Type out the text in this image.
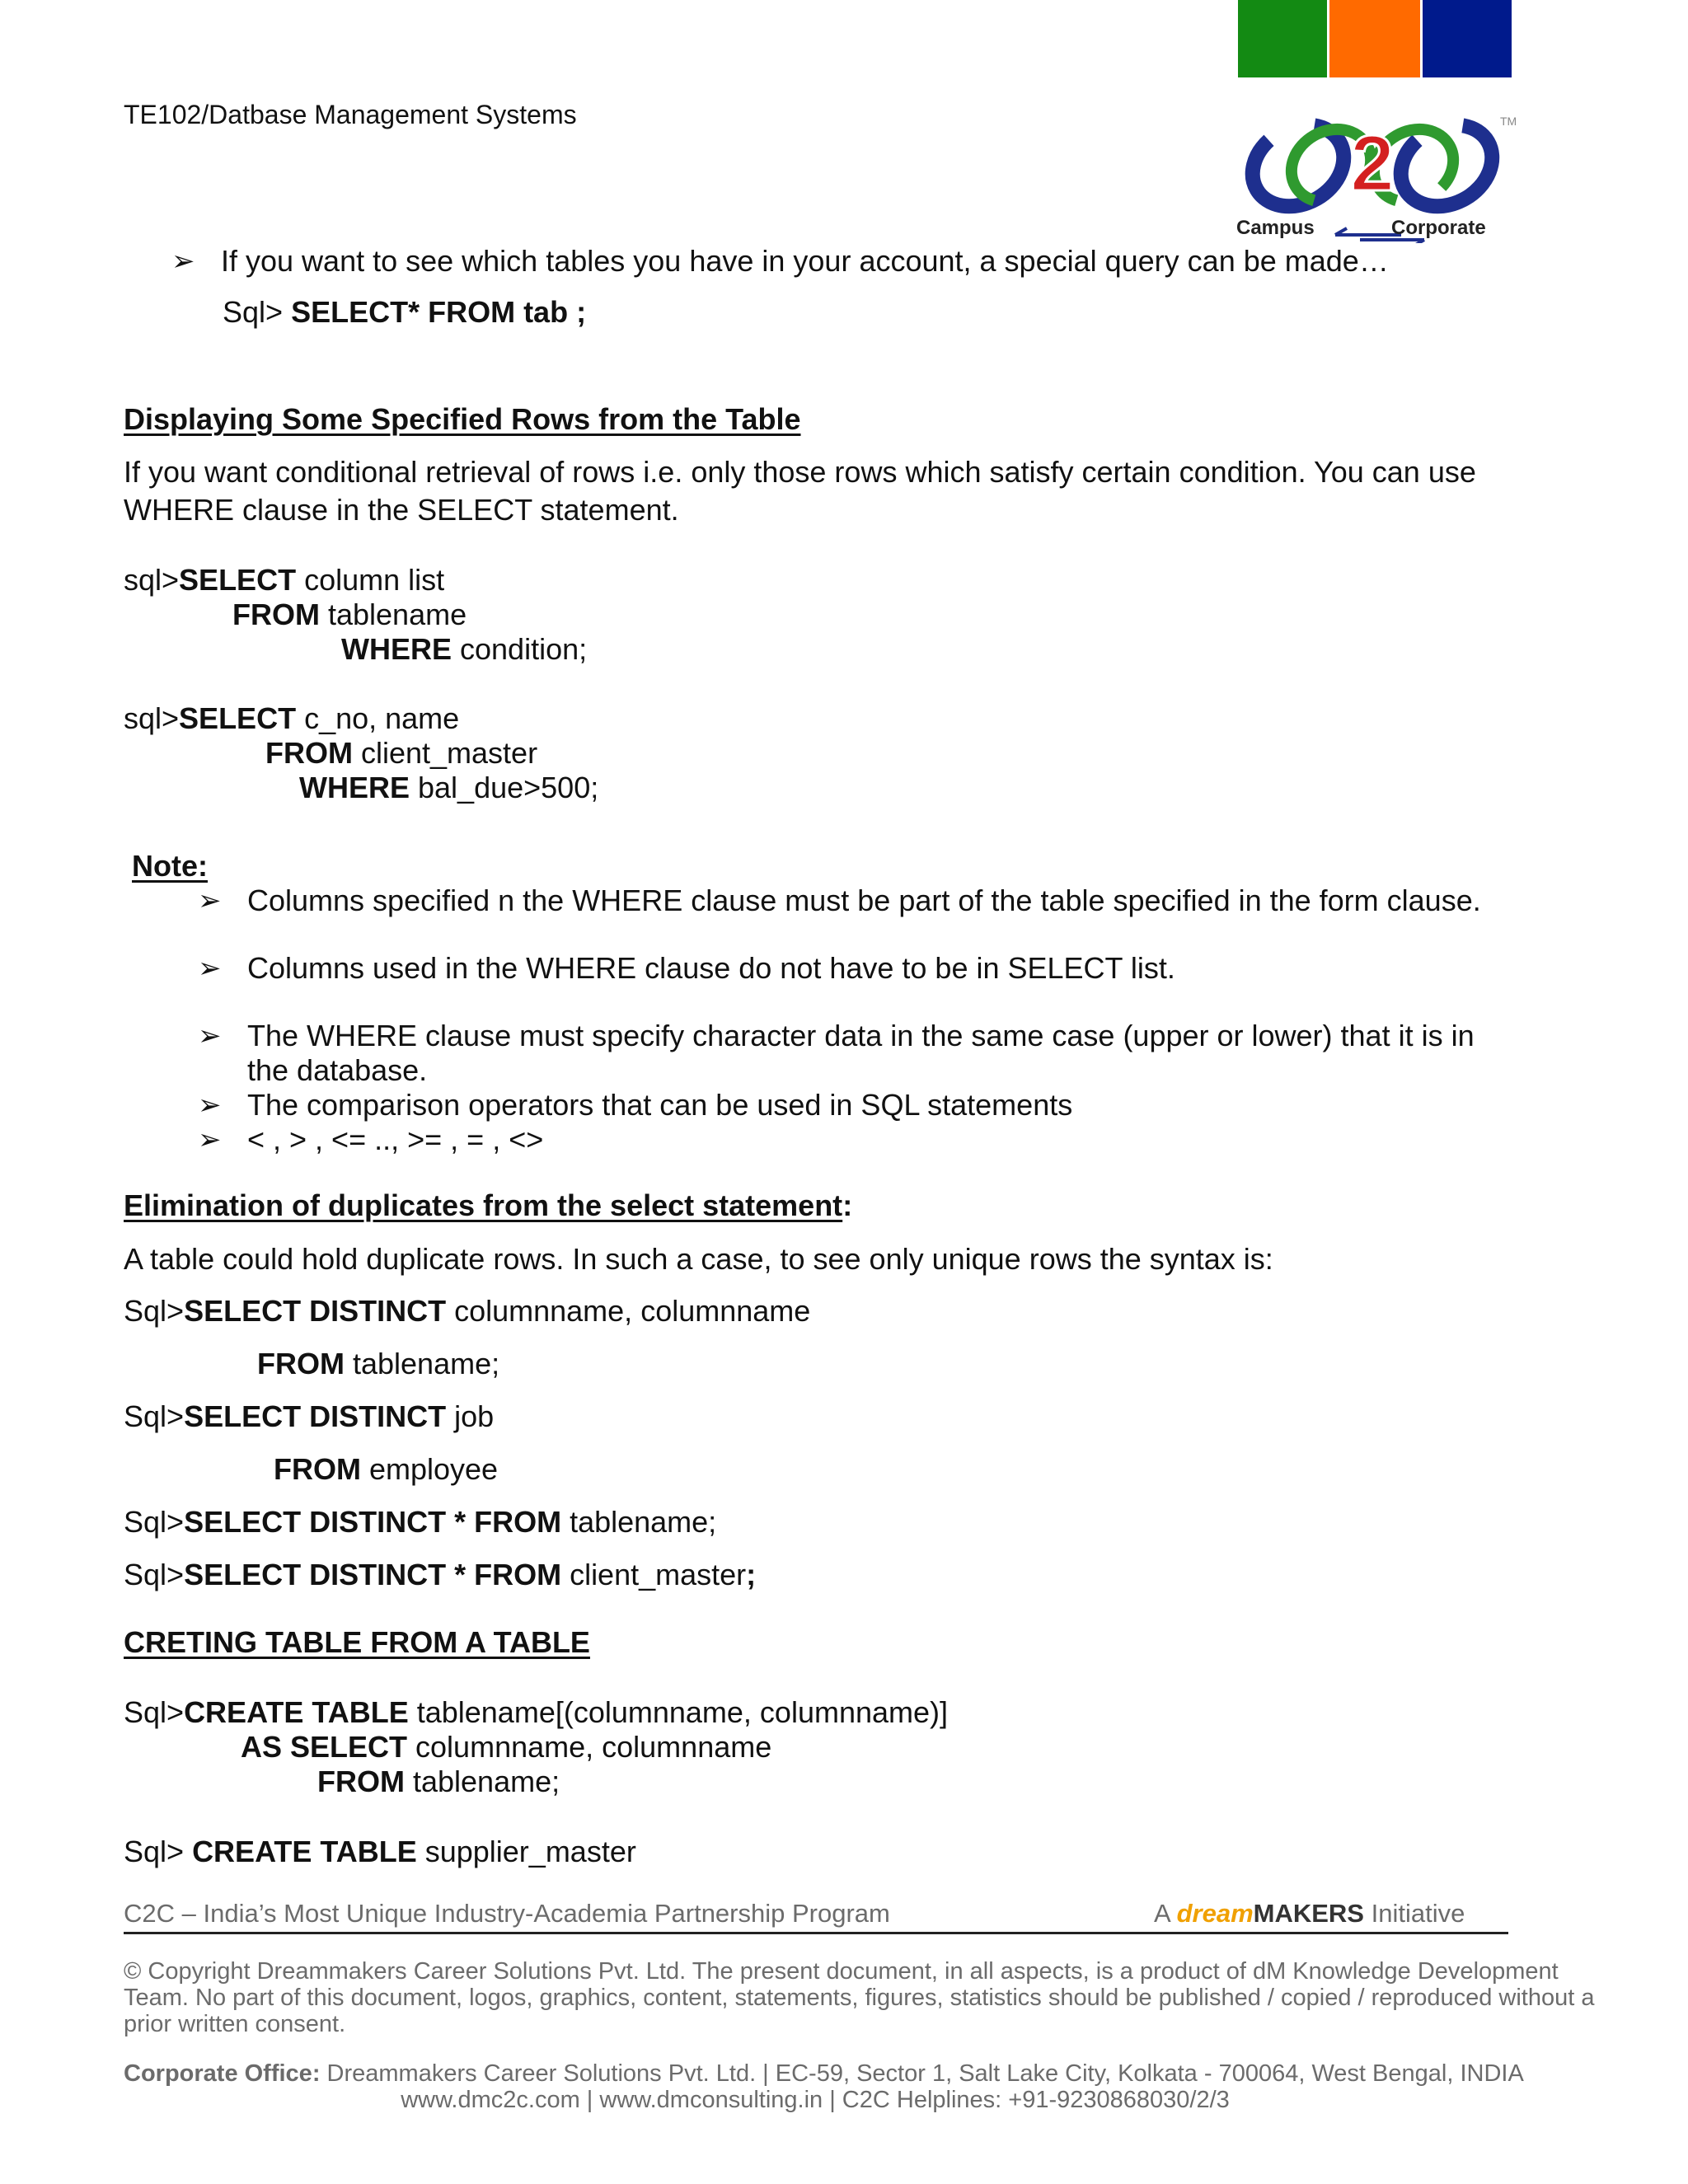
TE102/Datbase Management Systems
2	TM
Campus	Corporate
➢ If you want to see which tables you have in your account, a special query can be made…
Sql> SELECT* FROM tab ;
Displaying Some Specified Rows from the Table
If you want conditional retrieval of rows i.e. only those rows which satisfy certain condition. You can use
WHERE clause in the SELECT statement.
sql>SELECT column list
FROM tablename
WHERE condition;
sql>SELECT c_no, name
FROM client_master
WHERE bal_due>500;
Note:
➢ Columns specified n the WHERE clause must be part of the table specified in the form clause.
➢ Columns used in the WHERE clause do not have to be in SELECT list.
➢ The WHERE clause must specify character data in the same case (upper or lower) that it is in
the database.
➢ The comparison operators that can be used in SQL statements
➢ < , > , <= .., >= , = , <>
Elimination of duplicates from the select statement:
A table could hold duplicate rows. In such a case, to see only unique rows the syntax is:
Sql>SELECT DISTINCT columnname, columnname
FROM tablename;
Sql>SELECT DISTINCT job
FROM employee
Sql>SELECT DISTINCT * FROM tablename;
Sql>SELECT DISTINCT * FROM client_master;
CRETING TABLE FROM A TABLE
Sql>CREATE TABLE tablename[(columnname, columnname)]
AS SELECT columnname, columnname
FROM tablename;
Sql> CREATE TABLE supplier_master
C2C – India’s Most Unique Industry-Academia Partnership Program	A dreamMAKERS Initiative
© Copyright Dreammakers Career Solutions Pvt. Ltd. The present document, in all aspects, is a product of dM Knowledge Development
Team. No part of this document, logos, graphics, content, statements, figures, statistics should be published / copied / reproduced without a
prior written consent.
Corporate Office: Dreammakers Career Solutions Pvt. Ltd. | EC-59, Sector 1, Salt Lake City, Kolkata - 700064, West Bengal, INDIA
www.dmc2c.com | www.dmconsulting.in | C2C Helplines: +91-9230868030/2/3
